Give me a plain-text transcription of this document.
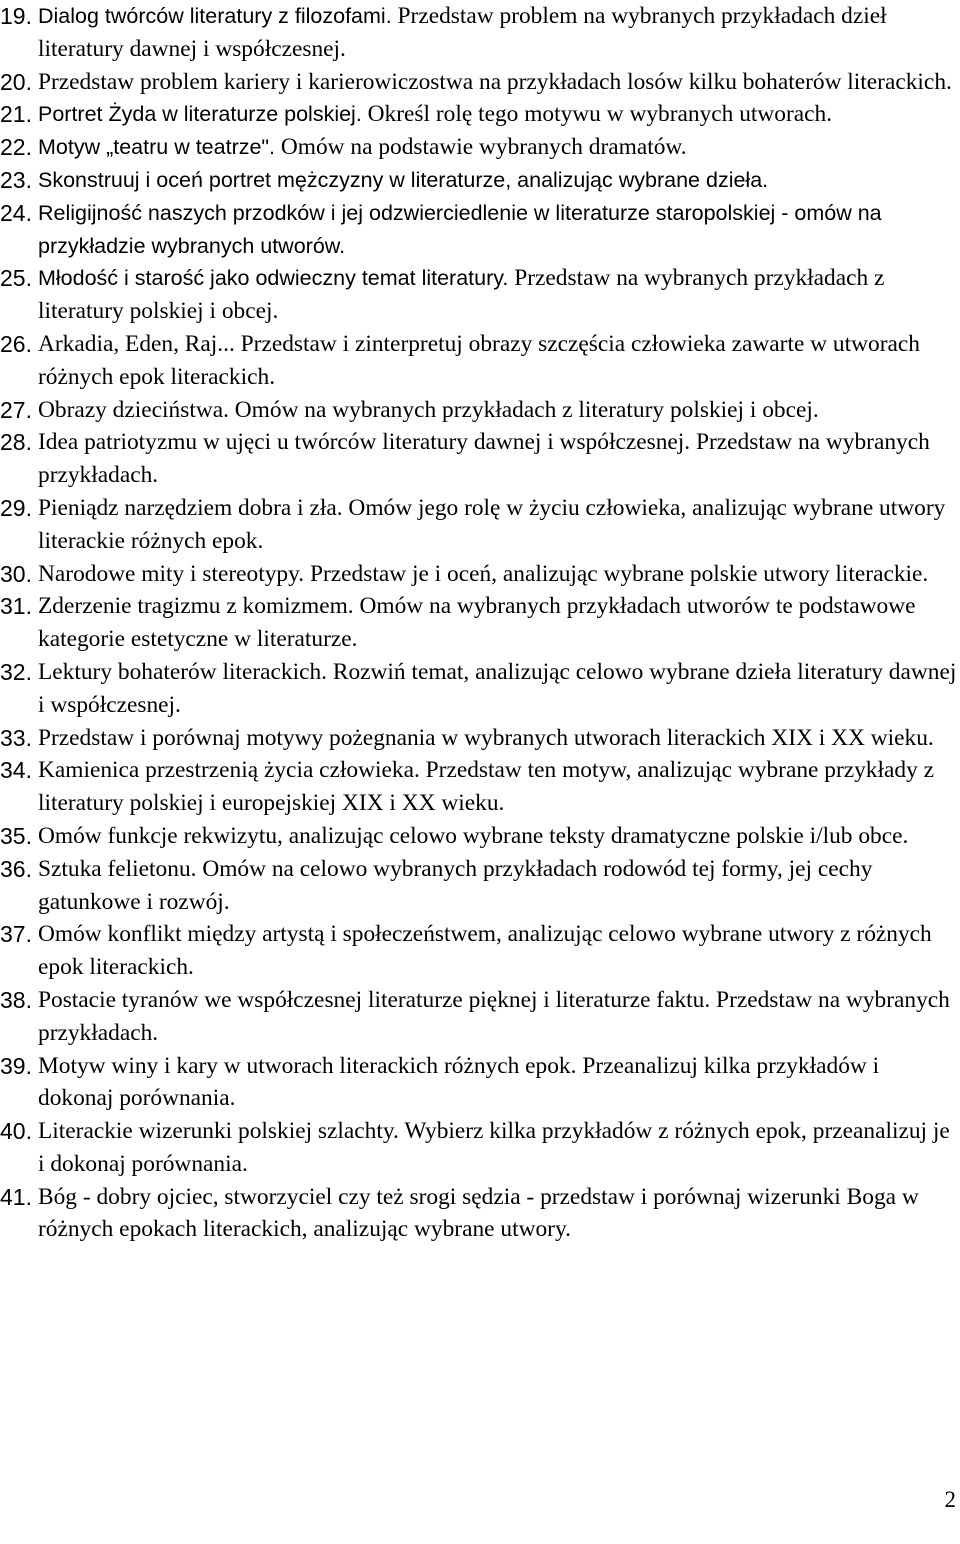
19. Dialog twórców literatury z filozofami. Przedstaw problem na wybranych przykładach dzieł literatury dawnej i współczesnej.
20. Przedstaw problem kariery i karierowiczostwa na przykładach losów kilku bohaterów literackich.
21. Portret Żyda w literaturze polskiej. Określ rolę tego motywu w wybranych utworach.
22. Motyw „teatru w teatrze". Omów na podstawie wybranych dramatów.
23. Skonstruuj i oceń portret mężczyzny w literaturze, analizując wybrane dzieła.
24. Religijność naszych przodków i jej odzwierciedlenie w literaturze staropolskiej - omów na przykładzie wybranych utworów.
25. Młodość i starość jako odwieczny temat literatury. Przedstaw na wybranych przykładach z literatury polskiej i obcej.
26. Arkadia, Eden, Raj... Przedstaw i zinterpretuj obrazy szczęścia człowieka zawarte w utworach różnych epok literackich.
27. Obrazy dzieciństwa. Omów na wybranych przykładach z literatury polskiej i obcej.
28. Idea patriotyzmu w ujęci u twórców literatury dawnej i współczesnej. Przedstaw na wybranych przykładach.
29. Pieniądz narzędziem dobra i zła. Omów jego rolę w życiu człowieka, analizując wybrane utwory literackie różnych epok.
30. Narodowe mity i stereotypy. Przedstaw je i oceń, analizując wybrane polskie utwory literackie.
31. Zderzenie tragizmu z komizmem. Omów na wybranych przykładach utworów te podstawowe kategorie estetyczne w literaturze.
32. Lektury bohaterów literackich. Rozwiń temat, analizując celowo wybrane dzieła literatury dawnej i współczesnej.
33. Przedstaw i porównaj motywy pożegnania w wybranych utworach literackich XIX i XX wieku.
34. Kamienica przestrzenią życia człowieka. Przedstaw ten motyw, analizując wybrane przykłady z literatury polskiej i europejskiej XIX i XX wieku.
35. Omów funkcje rekwizytu, analizując celowo wybrane teksty dramatyczne polskie i/lub obce.
36. Sztuka felietonu. Omów na celowo wybranych przykładach rodowód tej formy, jej cechy gatunkowe i rozwój.
37. Omów konflikt między artystą i społeczeństwem, analizując celowo wybrane utwory z różnych epok literackich.
38. Postacie tyranów we współczesnej literaturze pięknej i literaturze faktu. Przedstaw na wybranych przykładach.
39. Motyw winy i kary w utworach literackich różnych epok. Przeanalizuj kilka przykładów i dokonaj porównania.
40. Literackie wizerunki polskiej szlachty. Wybierz kilka przykładów z różnych epok, przeanalizuj je i dokonaj porównania.
41. Bóg - dobry ojciec, stworzyciel czy też srogi sędzia - przedstaw i porównaj wizerunki Boga w różnych epokach literackich, analizując wybrane utwory.
2
